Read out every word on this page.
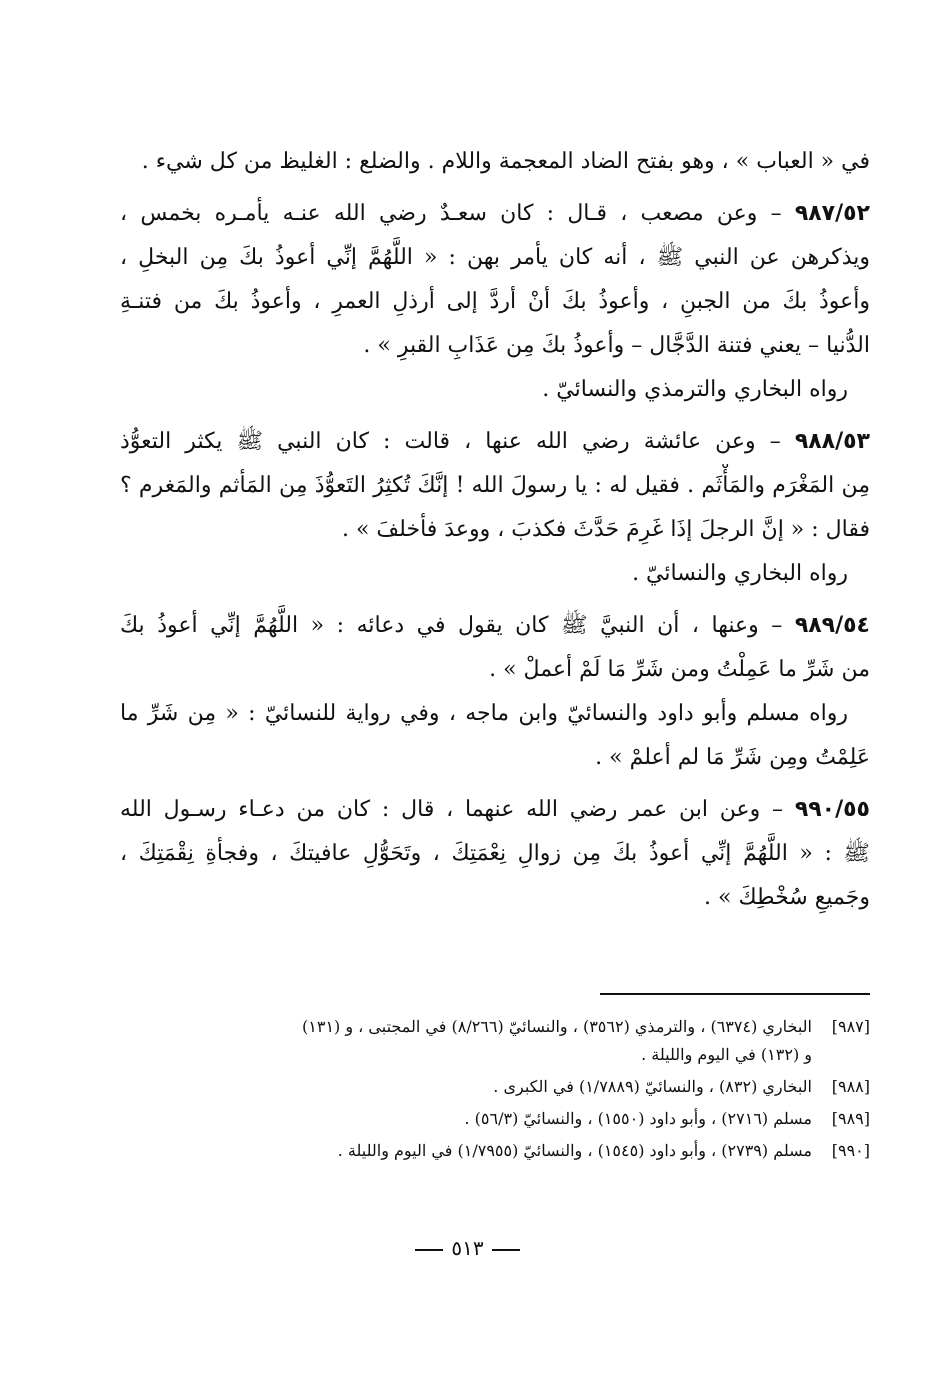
في « العباب » ، وهو بفتح الضاد المعجمة واللام . والضلع : الغليظ من كل شيء .

٩٨٧/٥٢ – وعن مصعب ، قـال : كان سعـدٌ رضي الله عنـه يأمـره بخمس ،

ويذكرهن عن النبي ﷺ ، أنه كان يأمر بهن : « اللَّهُمَّ إنِّي أعوذُ بكَ مِن البخلِ ،

وأعوذُ بكَ من الجبنِ ، وأعوذُ بكَ أنْ أردَّ إلى أرذلِ العمرِ ، وأعوذُ بكَ من فتنـةِ

الدُّنيا – يعني فتنة الدَّجَّال – وأعوذُ بكَ مِن عَذَابِ القبرِ » .

رواه البخاري والترمذي والنسائيّ .

٩٨٨/٥٣ – وعن عائشة رضي الله عنها ، قالت : كان النبي ﷺ يكثر التعوُّذ

مِن المَغْرَم والمَأْثَم . فقيل له : يا رسولَ الله ! إنَّكَ تُكثِرُ التَعوُّذَ مِن المَأثم والمَغرم ؟

فقال : « إنَّ الرجلَ إذَا غَرِمَ حَدَّثَ فكذبَ ، ووعدَ فأخلفَ » .

رواه البخاري والنسائيّ .

٩٨٩/٥٤ – وعنها ، أن النبيَّ ﷺ كان يقول في دعائه : « اللَّهُمَّ إنِّي أعوذُ بكَ

من شَرِّ ما عَمِلْتُ ومن شَرِّ مَا لَمْ أعملْ » .

رواه مسلم وأبو داود والنسائيّ وابن ماجه ، وفي رواية للنسائيّ : « مِن شَرِّ ما

عَلِمْتُ ومِن شَرِّ مَا لم أعلمْ » .

٩٩٠/٥٥ – وعن ابن عمر رضي الله عنهما ، قال : كان من دعـاء رسـول الله

ﷺ : « اللَّهُمَّ إنِّي أعوذُ بكَ مِن زوالِ نِعْمَتِكَ ، وتَحَوُّلِ عافيتكَ ، وفجأةِ نِقْمَتِكَ ،

وجَميعِ سُخْطِكَ » .

[٩٨٧]
البخاري (٦٣٧٤) ، والترمذي (٣٥٦٢) ، والنسائيّ (٨/٢٦٦) في المجتبى ، و (١٣١)
و (١٣٢) في اليوم والليلة .
[٩٨٨]
البخاري (٨٣٢) ، والنسائيّ (١/٧٨٨٩) في الكبرى .
[٩٨٩]
مسلم (٢٧١٦) ، وأبو داود (١٥٥٠) ، والنسائيّ (٥٦/٣) .
[٩٩٠]
مسلم (٢٧٣٩) ، وأبو داود (١٥٤٥) ، والنسائيّ (١/٧٩٥٥) في اليوم والليلة .
٥١٣
